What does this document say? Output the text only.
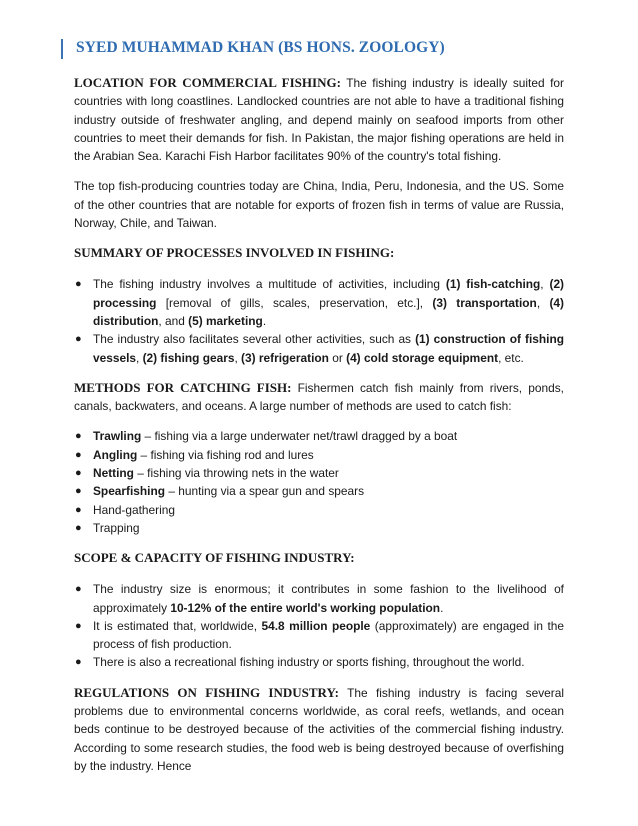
SYED MUHAMMAD KHAN (BS HONS. ZOOLOGY)

LOCATION FOR COMMERCIAL FISHING: The fishing industry is ideally suited for countries with long coastlines. Landlocked countries are not able to have a traditional fishing industry outside of freshwater angling, and depend mainly on seafood imports from other countries to meet their demands for fish. In Pakistan, the major fishing operations are held in the Arabian Sea. Karachi Fish Harbor facilitates 90% of the country's total fishing.

The top fish-producing countries today are China, India, Peru, Indonesia, and the US. Some of the other countries that are notable for exports of frozen fish in terms of value are Russia, Norway, Chile, and Taiwan.

SUMMARY OF PROCESSES INVOLVED IN FISHING:
● The fishing industry involves a multitude of activities, including (1) fish-catching, (2) processing [removal of gills, scales, preservation, etc.], (3) transportation, (4) distribution, and (5) marketing.
● The industry also facilitates several other activities, such as (1) construction of fishing vessels, (2) fishing gears, (3) refrigeration or (4) cold storage equipment, etc.

METHODS FOR CATCHING FISH: Fishermen catch fish mainly from rivers, ponds, canals, backwaters, and oceans. A large number of methods are used to catch fish:

● Trawling – fishing via a large underwater net/trawl dragged by a boat
● Angling – fishing via fishing rod and lures
● Netting – fishing via throwing nets in the water
● Spearfishing – hunting via a spear gun and spears
● Hand-gathering
● Trapping
SCOPE & CAPACITY OF FISHING INDUSTRY:
● The industry size is enormous; it contributes in some fashion to the livelihood of approximately 10-12% of the entire world's working population.
● It is estimated that, worldwide, 54.8 million people (approximately) are engaged in the process of fish production.
● There is also a recreational fishing industry or sports fishing, throughout the world.

REGULATIONS ON FISHING INDUSTRY: The fishing industry is facing several problems due to environmental concerns worldwide, as coral reefs, wetlands, and ocean beds continue to be destroyed because of the activities of the commercial fishing industry. According to some research studies, the food web is being destroyed because of overfishing by the industry. Hence
